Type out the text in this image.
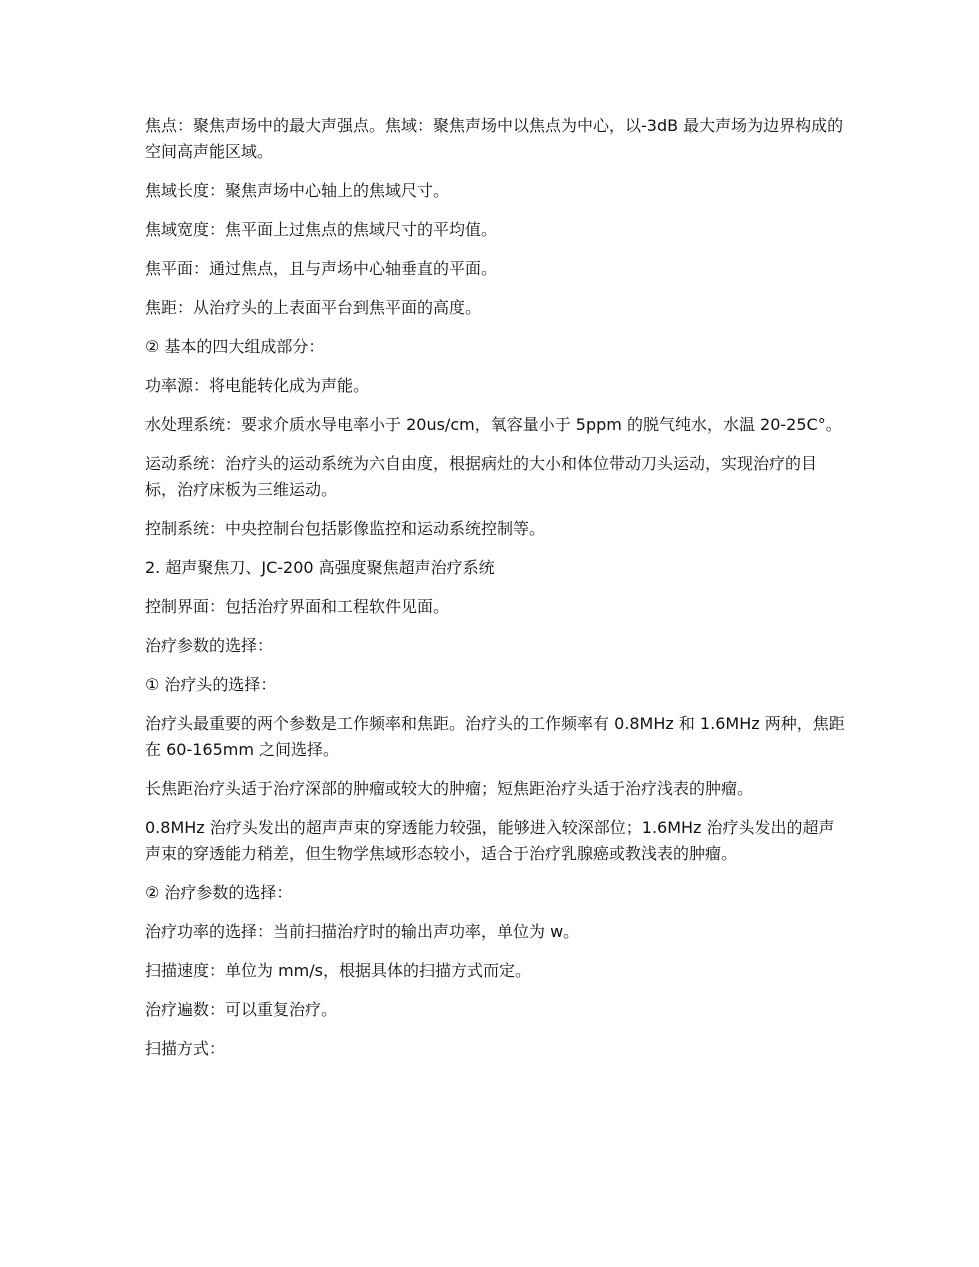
焦点：聚焦声场中的最大声强点。焦域：聚焦声场中以焦点为中心，以-3dB 最大声场为边界构成的空间高声能区域。

焦域长度：聚焦声场中心轴上的焦域尺寸。

焦域宽度：焦平面上过焦点的焦域尺寸的平均值。

焦平面：通过焦点，且与声场中心轴垂直的平面。

焦距：从治疗头的上表面平台到焦平面的高度。

② 基本的四大组成部分：

功率源：将电能转化成为声能。

水处理系统：要求介质水导电率小于 20us/cm，氧容量小于 5ppm 的脱气纯水，水温 20-25C°。

运动系统：治疗头的运动系统为六自由度，根据病灶的大小和体位带动刀头运动，实现治疗的目标，治疗床板为三维运动。

控制系统：中央控制台包括影像监控和运动系统控制等。

2. 超声聚焦刀、JC-200 高强度聚焦超声治疗系统

控制界面：包括治疗界面和工程软件见面。

治疗参数的选择：

① 治疗头的选择：

治疗头最重要的两个参数是工作频率和焦距。治疗头的工作频率有 0.8MHz 和 1.6MHz 两种，焦距在 60-165mm 之间选择。

长焦距治疗头适于治疗深部的肿瘤或较大的肿瘤；短焦距治疗头适于治疗浅表的肿瘤。

0.8MHz 治疗头发出的超声声束的穿透能力较强，能够进入较深部位；1.6MHz 治疗头发出的超声声束的穿透能力稍差，但生物学焦域形态较小，适合于治疗乳腺癌或教浅表的肿瘤。

② 治疗参数的选择：

治疗功率的选择：当前扫描治疗时的输出声功率，单位为 w。

扫描速度：单位为 mm/s，根据具体的扫描方式而定。

治疗遍数：可以重复治疗。

扫描方式：
